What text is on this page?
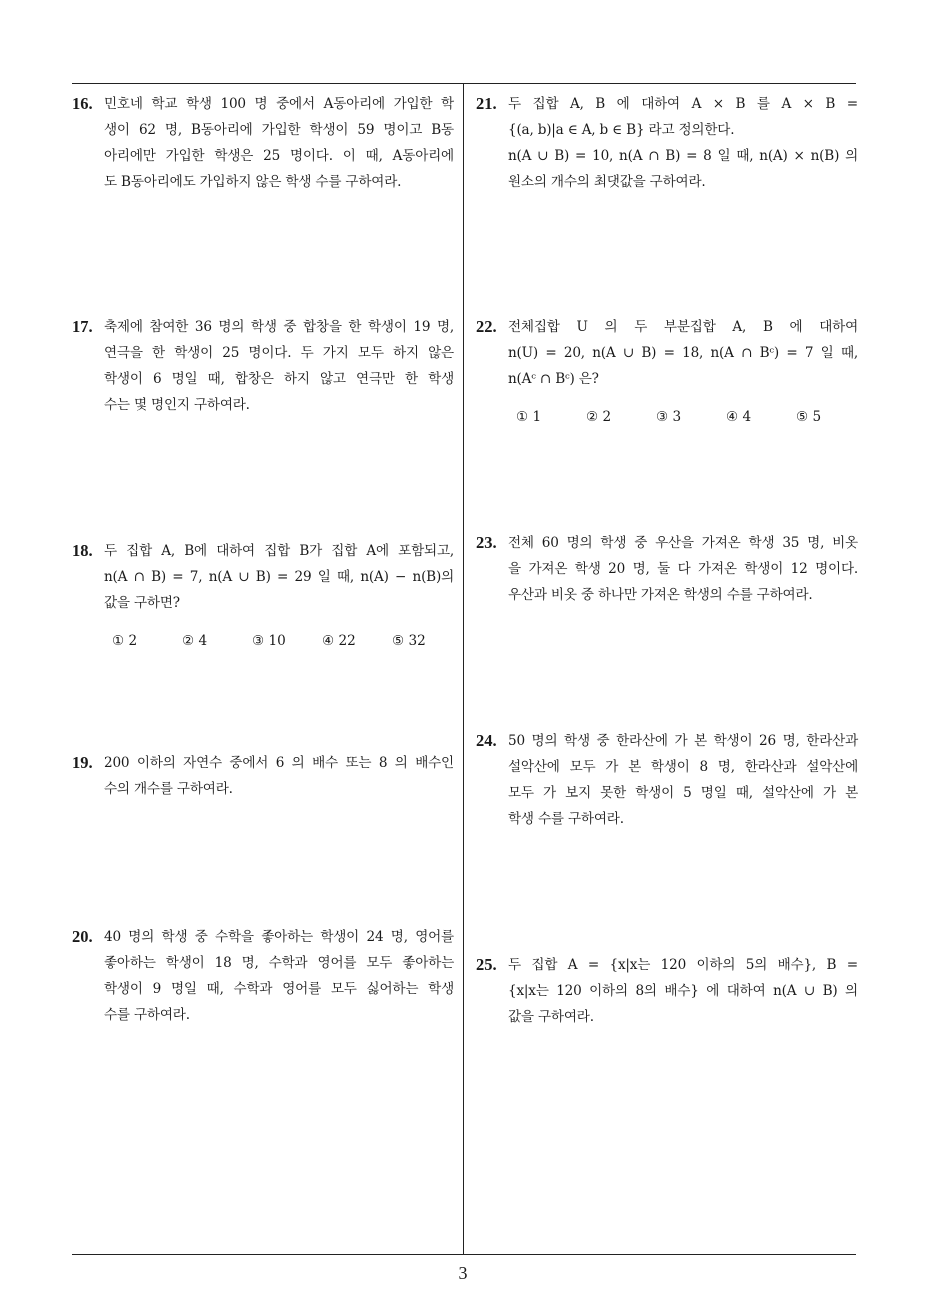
16. 민호네 학교 학생 100 명 중에서 A동아리에 가입한 학
생이 62 명, B동아리에 가입한 학생이 59 명이고 B동
아리에만 가입한 학생은 25 명이다. 이 때, A동아리에
도 B동아리에도 가입하지 않은 학생 수를 구하여라.
17. 축제에 참여한 36 명의 학생 중 합창을 한 학생이 19 명,
연극을 한 학생이 25 명이다. 두 가지 모두 하지 않은
학생이 6 명일 때, 합창은 하지 않고 연극만 한 학생
수는 몇 명인지 구하여라.
18. 두 집합 A, B에 대하여 집합 B가 집합 A에 포함되고,
n(A ∩ B) = 7, n(A ∪ B) = 29 일 때, n(A) − n(B)의
값을 구하면?
① 2	② 4	③ 10	④ 22	⑤ 32
19. 200 이하의 자연수 중에서 6 의 배수 또는 8 의 배수인
수의 개수를 구하여라.
20. 40 명의 학생 중 수학을 좋아하는 학생이 24 명, 영어를
좋아하는 학생이 18 명, 수학과 영어를 모두 좋아하는
학생이 9 명일 때, 수학과 영어를 모두 싫어하는 학생
수를 구하여라.
21. 두 집합 A, B 에 대하여 A × B 를 A × B =
{(a, b)|a ∈ A, b ∈ B} 라고 정의한다.
n(A ∪ B) = 10, n(A ∩ B) = 8 일 때, n(A) × n(B) 의
원소의 개수의 최댓값을 구하여라.
22. 전체집합 U 의 두 부분집합 A, B 에 대하여
n(U) = 20, n(A ∪ B) = 18, n(A ∩ Bᶜ) = 7 일 때,
n(Aᶜ ∩ Bᶜ) 은?
① 1	② 2	③ 3	④ 4	⑤ 5
23. 전체 60 명의 학생 중 우산을 가져온 학생 35 명, 비옷
을 가져온 학생 20 명, 둘 다 가져온 학생이 12 명이다.
우산과 비옷 중 하나만 가져온 학생의 수를 구하여라.
24. 50 명의 학생 중 한라산에 가 본 학생이 26 명, 한라산과
설악산에 모두 가 본 학생이 8 명, 한라산과 설악산에
모두 가 보지 못한 학생이 5 명일 때, 설악산에 가 본
학생 수를 구하여라.
25. 두 집합 A = {x|x는 120 이하의 5의 배수}, B =
{x|x는 120 이하의 8의 배수} 에 대하여 n(A ∪ B) 의
값을 구하여라.
3
